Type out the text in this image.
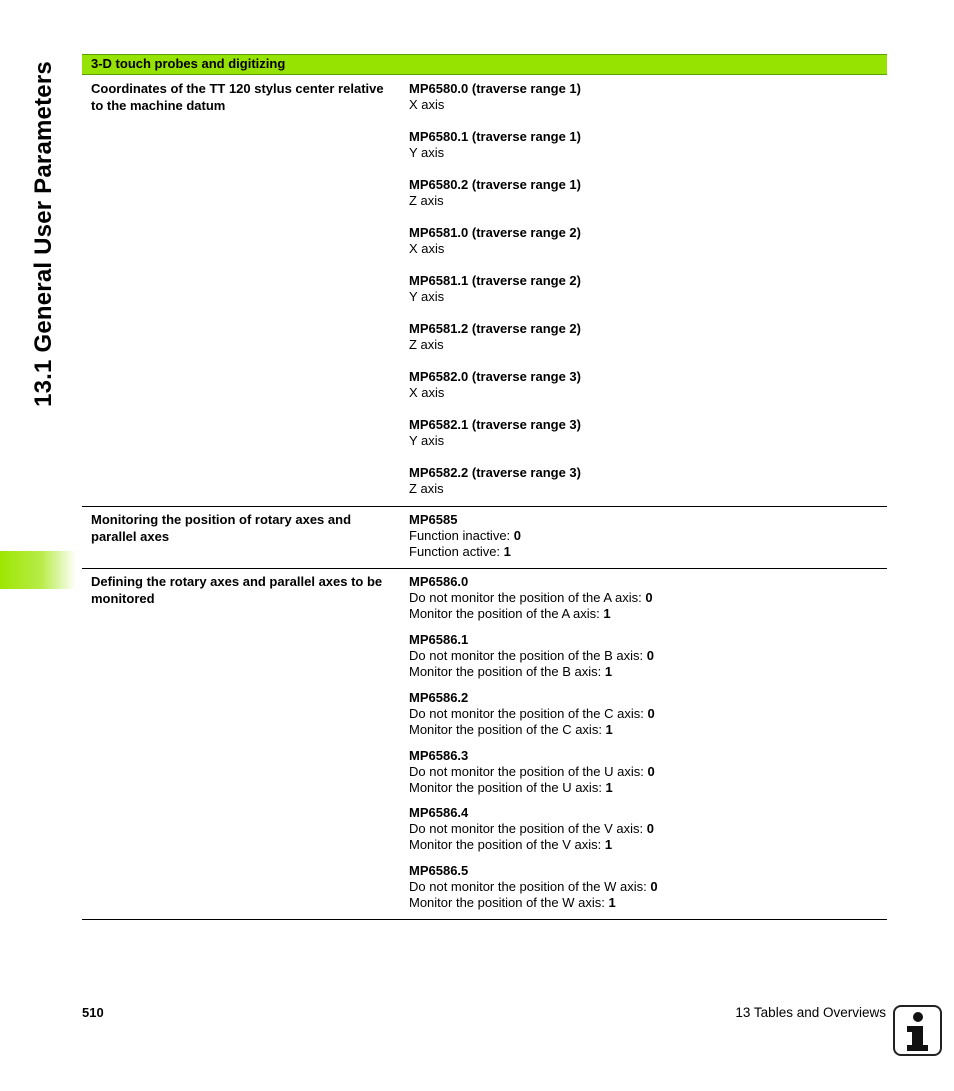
13.1 General User Parameters	3-D touch probes and digitizing
Coordinates of the TT 120 stylus center relative to the machine datum
MP6580.0 (traverse range 1)
X axis
MP6580.1 (traverse range 1)
Y axis
MP6580.2 (traverse range 1)
Z axis
MP6581.0 (traverse range 2)
X axis
MP6581.1 (traverse range 2)
Y axis
MP6581.2 (traverse range 2)
Z axis
MP6582.0 (traverse range 3)
X axis
MP6582.1 (traverse range 3)
Y axis
MP6582.2 (traverse range 3)
Z axis
Monitoring the position of rotary axes and parallel axes
MP6585
Function inactive: 0
Function active: 1
Defining the rotary axes and parallel axes to be monitored
MP6586.0
Do not monitor the position of the A axis: 0
Monitor the position of the A axis: 1
MP6586.1
Do not monitor the position of the B axis: 0
Monitor the position of the B axis: 1
MP6586.2
Do not monitor the position of the C axis: 0
Monitor the position of the C axis: 1
MP6586.3
Do not monitor the position of the U axis: 0
Monitor the position of the U axis: 1
MP6586.4
Do not monitor the position of the V axis: 0
Monitor the position of the V axis: 1
MP6586.5
Do not monitor the position of the W axis: 0
Monitor the position of the W axis: 1
510	13 Tables and Overviews
